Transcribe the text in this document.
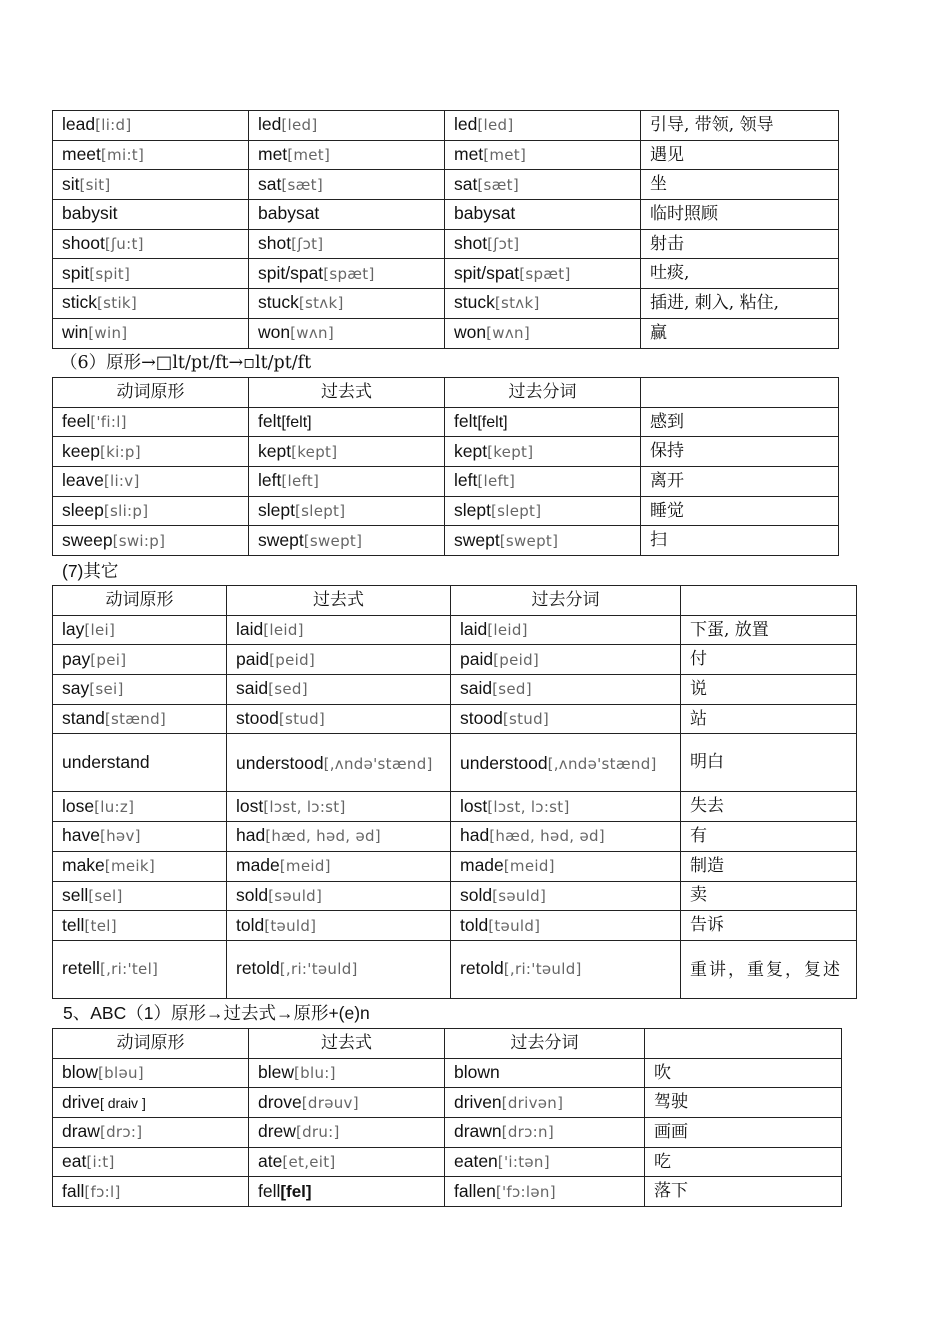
lead[li:d]	led[led]	led[led]	引导, 带领, 领导
meet[mi:t]	met[met]	met[met]	遇见
sit[sit]	sat[sæt]	sat[sæt]	坐
babysit	babysat	babysat	临时照顾
shoot[ʃu:t]	shot[ʃɔt]	shot[ʃɔt]	射击
spit[spit]	spit/spat[spæt]	spit/spat[spæt]	吐痰,
stick[stik]	stuck[stʌk]	stuck[stʌk]	插进, 刺入, 粘住,
win[win]	won[wʌn]	won[wʌn]	赢
（6）原形→□lt/pt/ft→▫lt/pt/ft
动词原形	过去式	过去分词	
feel['fi:l]	felt[felt]	felt[felt]	感到
keep[ki:p]	kept[kept]	kept[kept]	保持
leave[li:v]	left[left]	left[left]	离开
sleep[sli:p]	slept[slept]	slept[slept]	睡觉
sweep[swi:p]	swept[swept]	swept[swept]	扫
(7)其它
动词原形	过去式	过去分词	
lay[lei]	laid[leid]	laid[leid]	下蛋, 放置
pay[pei]	paid[peid]	paid[peid]	付
say[sei]	said[sed]	said[sed]	说
stand[stænd]	stood[stud]	stood[stud]	站
understand	understood[,ʌndə'stænd]	understood[,ʌndə'stænd]	明白
lose[lu:z]	lost[lɔst, lɔ:st]	lost[lɔst, lɔ:st]	失去
have[həv]	had[hæd, həd, əd]	had[hæd, həd, əd]	有
make[meik]	made[meid]	made[meid]	制造
sell[sel]	sold[səuld]	sold[səuld]	卖
tell[tel]	told[təuld]	told[təuld]	告诉
retell[,ri:'tel]	retold[,ri:'təuld]	retold[,ri:'təuld]	重讲，重复，复述
5、ABC（1）原形→过去式→原形+(e)n
动词原形	过去式	过去分词	
blow[bləu]	blew[blu:]	blown	吹
drive[ draiv ]	drove[drəuv]	driven[drivən]	驾驶
draw[drɔ:]	drew[dru:]	drawn[drɔ:n]	画画
eat[i:t]	ate[et,eit]	eaten['i:tən]	吃
fall[fɔ:l]	fell[fel]	fallen['fɔ:lən]	落下
